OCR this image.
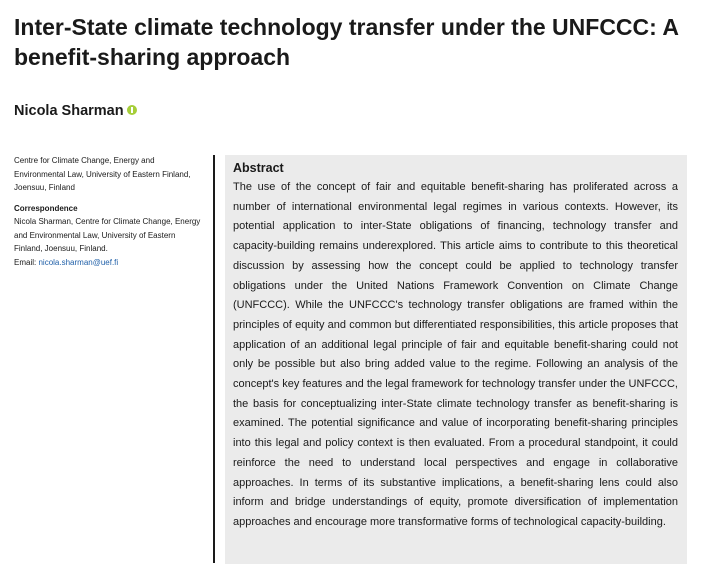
Inter-State climate technology transfer under the UNFCCC: A benefit-sharing approach
Nicola Sharman

Centre for Climate Change, Energy and Environmental Law, University of Eastern Finland, Joensuu, Finland

Correspondence

Nicola Sharman, Centre for Climate Change, Energy and Environmental Law, University of Eastern Finland, Joensuu, Finland.

Email: nicola.sharman@uef.fi

Abstract

The use of the concept of fair and equitable benefit-sharing has proliferated across a number of international environmental legal regimes in various contexts. However, its potential application to inter-State obligations of financing, technology transfer and capacity-building remains underexplored. This article aims to contribute to this theoretical discussion by assessing how the concept could be applied to technology transfer obligations under the United Nations Framework Convention on Climate Change (UNFCCC). While the UNFCCC's technology transfer obligations are framed within the principles of equity and common but differentiated responsibilities, this article proposes that application of an additional legal principle of fair and equitable benefit-sharing could not only be possible but also bring added value to the regime. Following an analysis of the concept's key features and the legal framework for technology transfer under the UNFCCC, the basis for conceptualizing inter-State climate technology transfer as benefit-sharing is examined. The potential significance and value of incorporating benefit-sharing principles into this legal and policy context is then evaluated. From a procedural standpoint, it could reinforce the need to understand local perspectives and engage in collaborative approaches. In terms of its substantive implications, a benefit-sharing lens could also inform and bridge understandings of equity, promote diversification of implementation approaches and encourage more transformative forms of technological capacity-building.
